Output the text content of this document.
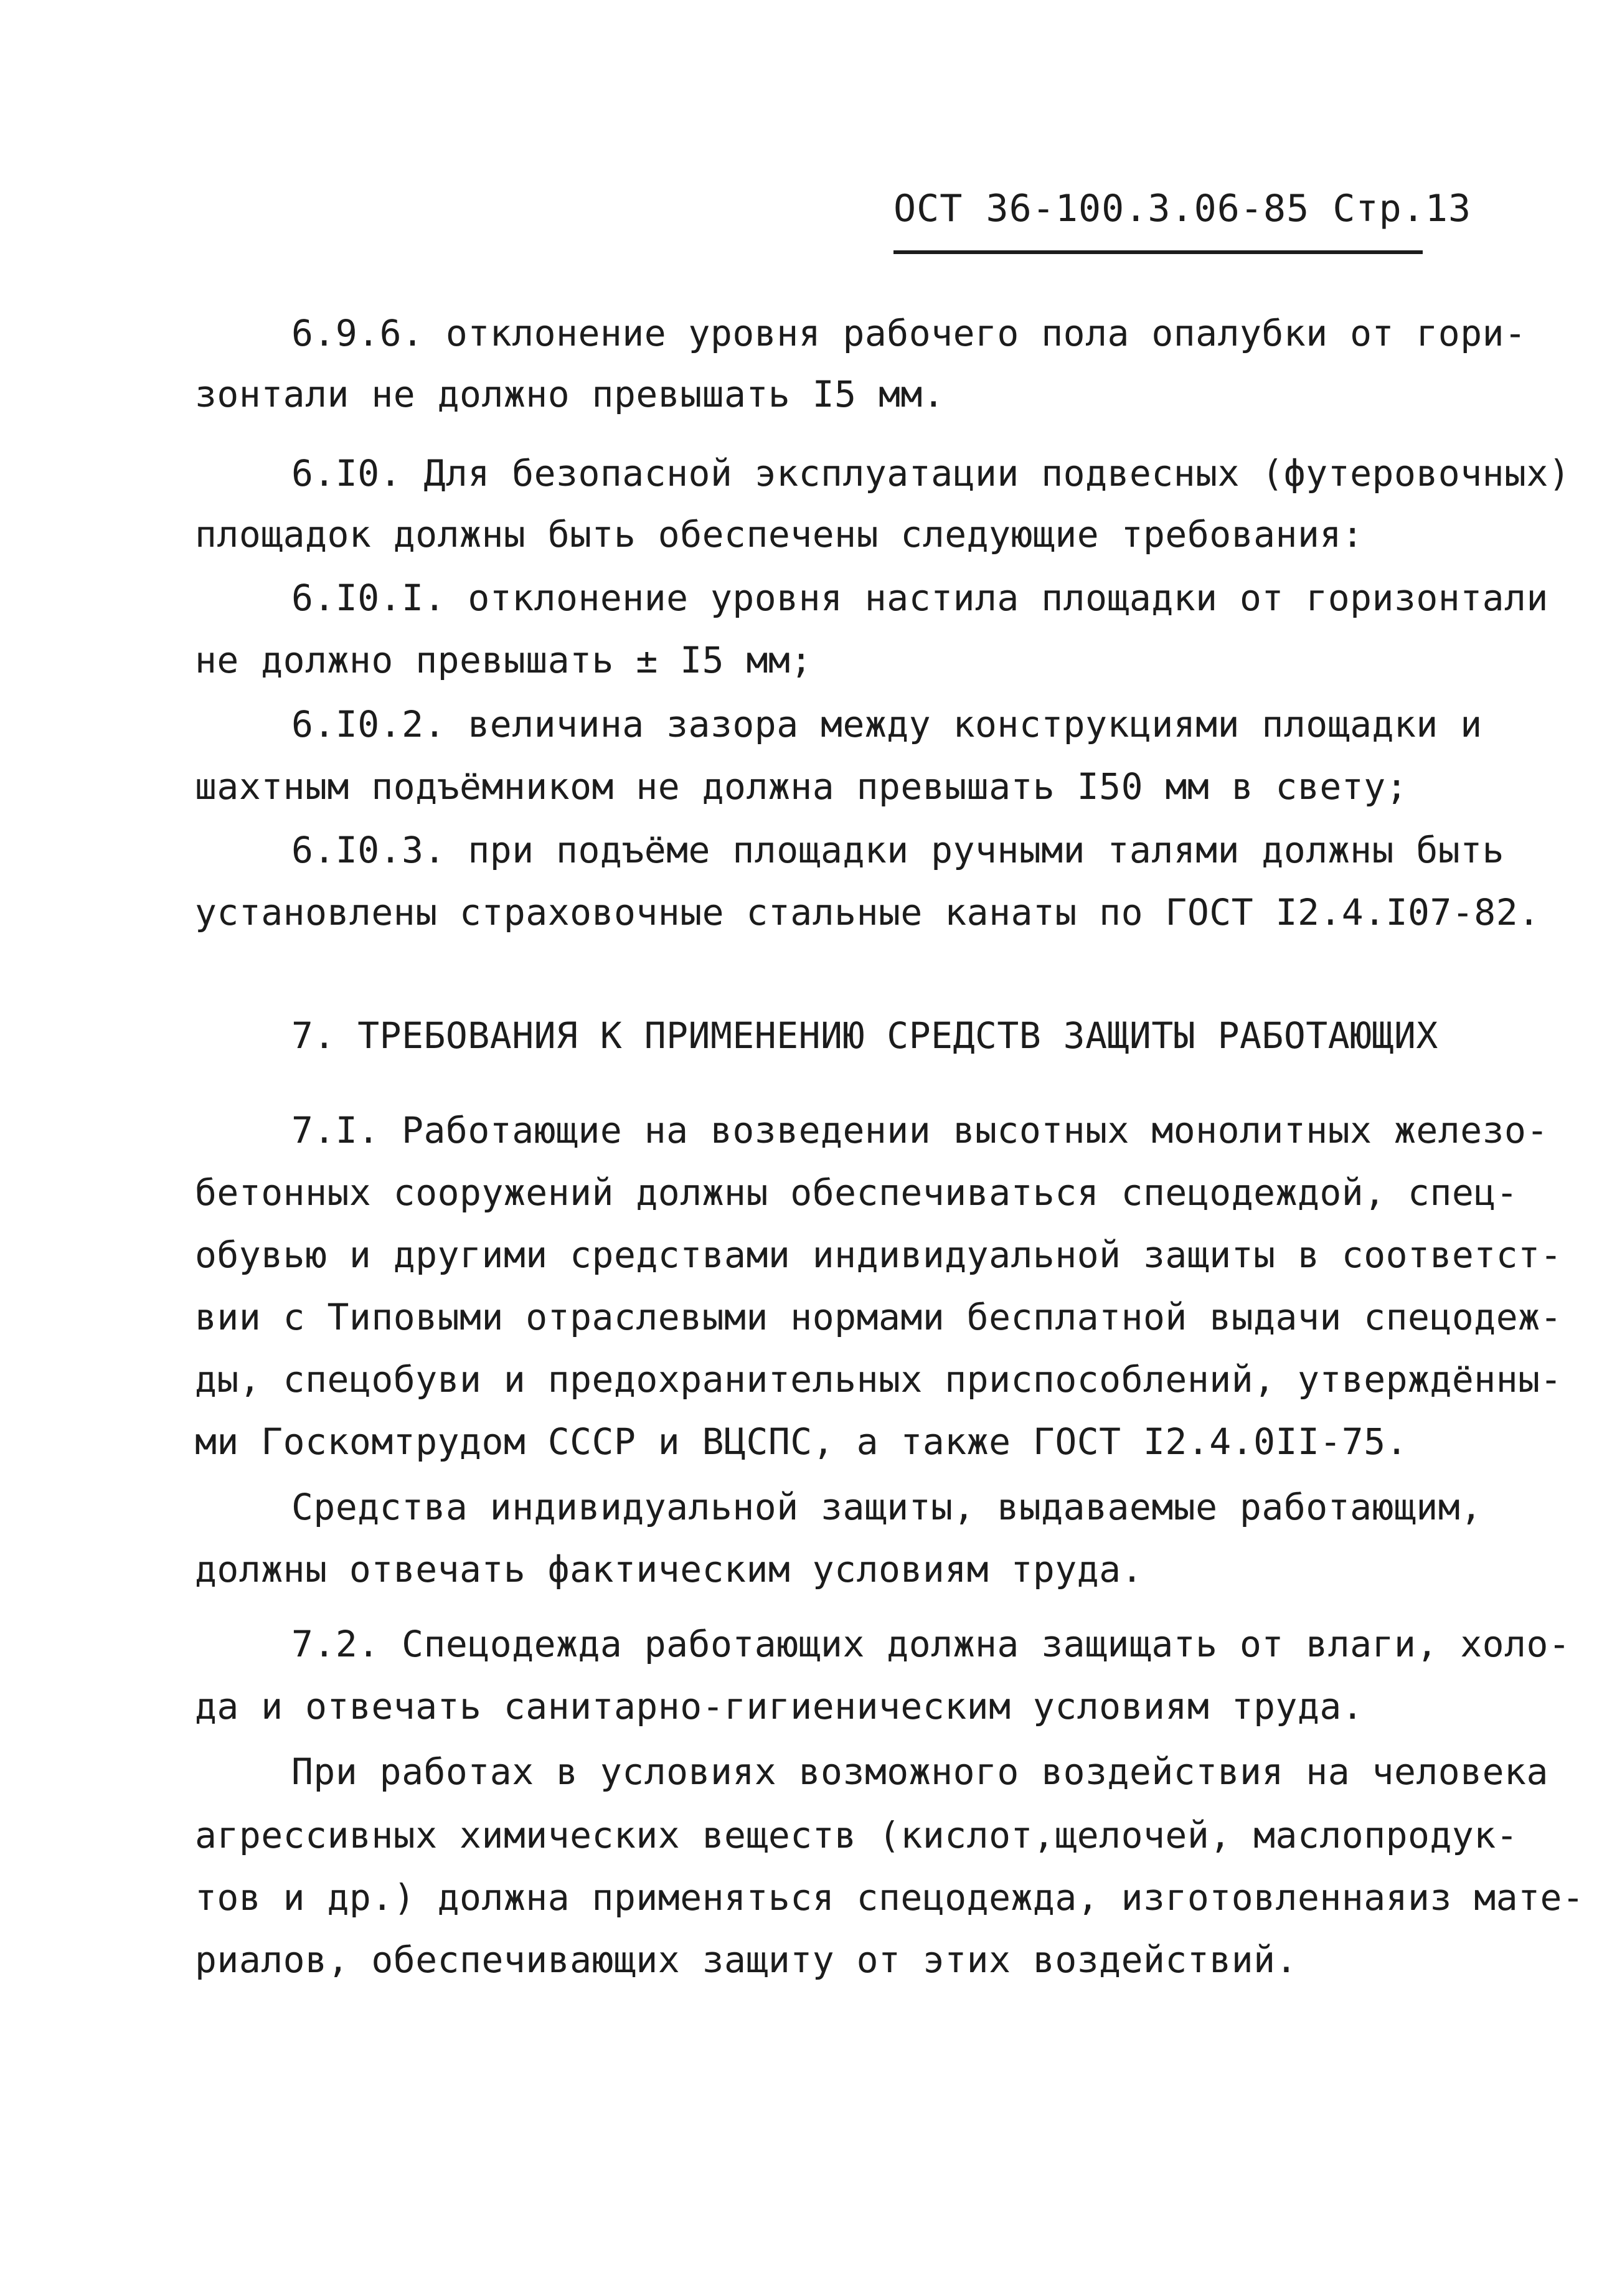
ОСТ 36-100.3.06-85 Стр.13
6.9.6. отклонение уровня рабочего пола опалубки от гори-
зонтали не должно превышать I5 мм.
6.I0. Для безопасной эксплуатации подвесных (футеровочных)
площадок должны быть обеспечены следующие требования:
6.I0.I. отклонение уровня настила площадки от горизонтали
не должно превышать ± I5 мм;
6.I0.2. величина зазора между конструкциями площадки и
шахтным подъёмником не должна превышать I50 мм в свету;
6.I0.3. при подъёме площадки ручными талями должны быть
установлены страховочные стальные канаты по ГОСТ I2.4.I07-82.
7. ТРЕБОВАНИЯ К ПРИМЕНЕНИЮ СРЕДСТВ ЗАЩИТЫ РАБОТАЮЩИХ
7.I. Работающие на возведении высотных монолитных железо-
бетонных сооружений должны обеспечиваться спецодеждой, спец-
обувью и другими средствами индивидуальной защиты в соответст-
вии с Типовыми отраслевыми нормами бесплатной выдачи спецодеж-
ды, спецобуви и предохранительных приспособлений, утверждённы-
ми Госкомтрудом СССР и ВЦСПС, а также ГОСТ I2.4.0II-75.
Средства индивидуальной защиты, выдаваемые работающим,
должны отвечать фактическим условиям труда.
7.2. Спецодежда работающих должна защищать от влаги, холо-
да и отвечать санитарно-гигиеническим условиям труда.
При работах в условиях возможного воздействия на человека
агрессивных химических веществ (кислот,щелочей, маслопродук-
тов и др.) должна применяться спецодежда, изготовленнаяиз мате-
риалов, обеспечивающих защиту от этих воздействий.
